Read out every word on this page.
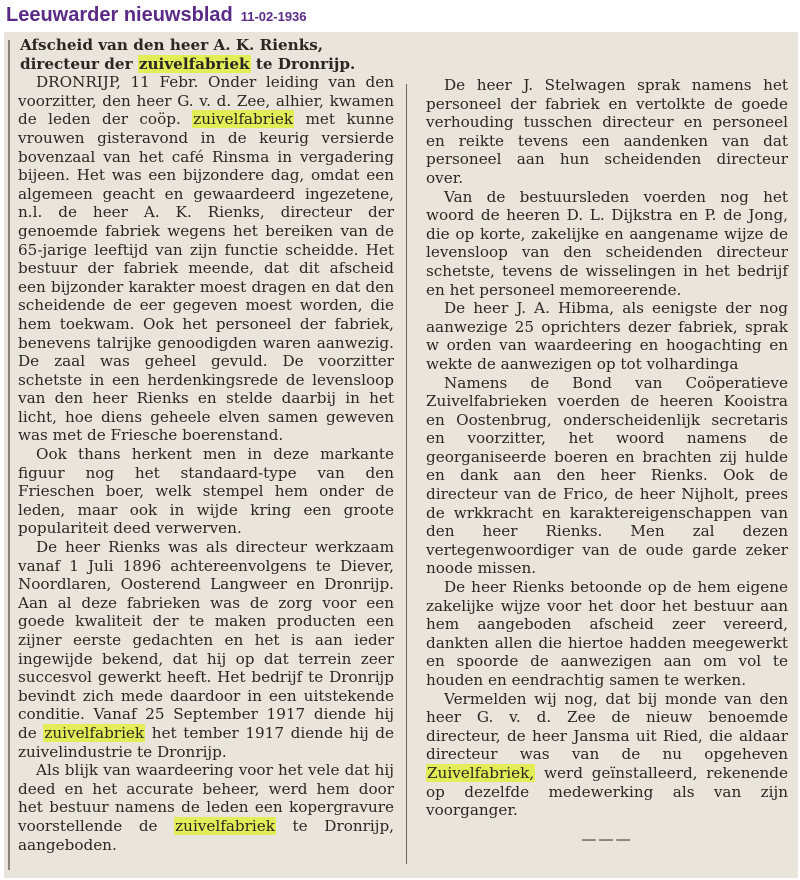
Leeuwarder nieuwsblad 11-02-1936
Afscheid van den heer A. K. Rienks,
directeur der zuivelfabriek te Dronrijp.

DRONRIJP, 11 Febr. Onder leiding van den voorzitter, den heer G. v. d. Zee, alhier, kwamen de leden der coöp. zuivelfabriek met kunne vrouwen gisteravond in de keurig versierde bovenzaal van het café Rinsma in vergadering bijeen. Het was een bijzondere dag, omdat een algemeen geacht en gewaardeerd ingezetene, n.l. de heer A. K. Rienks, directeur der genoemde fabriek wegens het bereiken van de 65-jarige leeftijd van zijn functie scheidde. Het bestuur der fabriek meende, dat dit afscheid een bijzonder karakter moest dragen en dat den scheidende de eer gegeven moest worden, die hem toekwam. Ook het personeel der fabriek, benevens talrijke genoodigden waren aanwezig. De zaal was geheel gevuld. De voorzitter schetste in een herdenkingsrede de levensloop van den heer Rienks en stelde daarbij in het licht, hoe diens geheele elven samen geweven was met de Friesche boerenstand.

Ook thans herkent men in deze markante figuur nog het standaard-type van den Frieschen boer, welk stempel hem onder de leden, maar ook in wijde kring een groote populariteit deed verwerven.

De heer Rienks was als directeur werkzaam vanaf 1 Juli 1896 achtereenvolgens te Diever, Noordlaren, Oosterend Langweer en Dronrijp. Aan al deze fabrieken was de zorg voor een goede kwaliteit der te maken producten een zijner eerste gedachten en het is aan ieder ingewijde bekend, dat hij op dat terrein zeer succesvol gewerkt heeft. Het bedrijf te Dronrijp bevindt zich mede daardoor in een uitstekende conditie. Vanaf 25 September 1917 diende hij de zuivelfabriek het tember 1917 diende hij de zuivelindustrie te Dronrijp.

Als blijk van waardeering voor het vele dat hij deed en het accurate beheer, werd hem door het bestuur namens de leden een kopergravure voorstellende de zuivelfabriek te Dronrijp, aangeboden.

De heer J. Stelwagen sprak namens het personeel der fabriek en vertolkte de goede verhouding tusschen directeur en personeel en reikte tevens een aandenken van dat personeel aan hun scheidenden directeur over.

Van de bestuursleden voerden nog het woord de heeren D. L. Dijkstra en P. de Jong, die op korte, zakelijke en aangename wijze de levensloop van den scheidenden directeur schetste, tevens de wisselingen in het bedrijf en het personeel memoreerende.

De heer J. A. Hibma, als eenigste der nog aanwezige 25 oprichters dezer fabriek, sprak w orden van waardeering en hoogachting en wekte de aanwezigen op tot volhardinga

Namens de Bond van Coöperatieve Zuivelfabrieken voerden de heeren Kooistra en Oostenbrug, onderscheidenlijk secretaris en voorzitter, het woord namens de georganiseerde boeren en brachten zij hulde en dank aan den heer Rienks. Ook de directeur van de Frico, de heer Nijholt, prees de wrkkracht en karaktereigenschappen van den heer Rienks. Men zal dezen vertegenwoordiger van de oude garde zeker noode missen.

De heer Rienks betoonde op de hem eigene zakelijke wijze voor het door het bestuur aan hem aangeboden afscheid zeer vereerd, dankten allen die hiertoe hadden meegewerkt en spoorde de aanwezigen aan om vol te houden en eendrachtig samen te werken.

Vermelden wij nog, dat bij monde van den heer G. v. d. Zee de nieuw benoemde directeur, de heer Jansma uit Ried, die aldaar directeur was van de nu opgeheven Zuivelfabriek, werd geïnstalleerd, rekenende op dezelfde medewerking als van zijn voorganger.

———
